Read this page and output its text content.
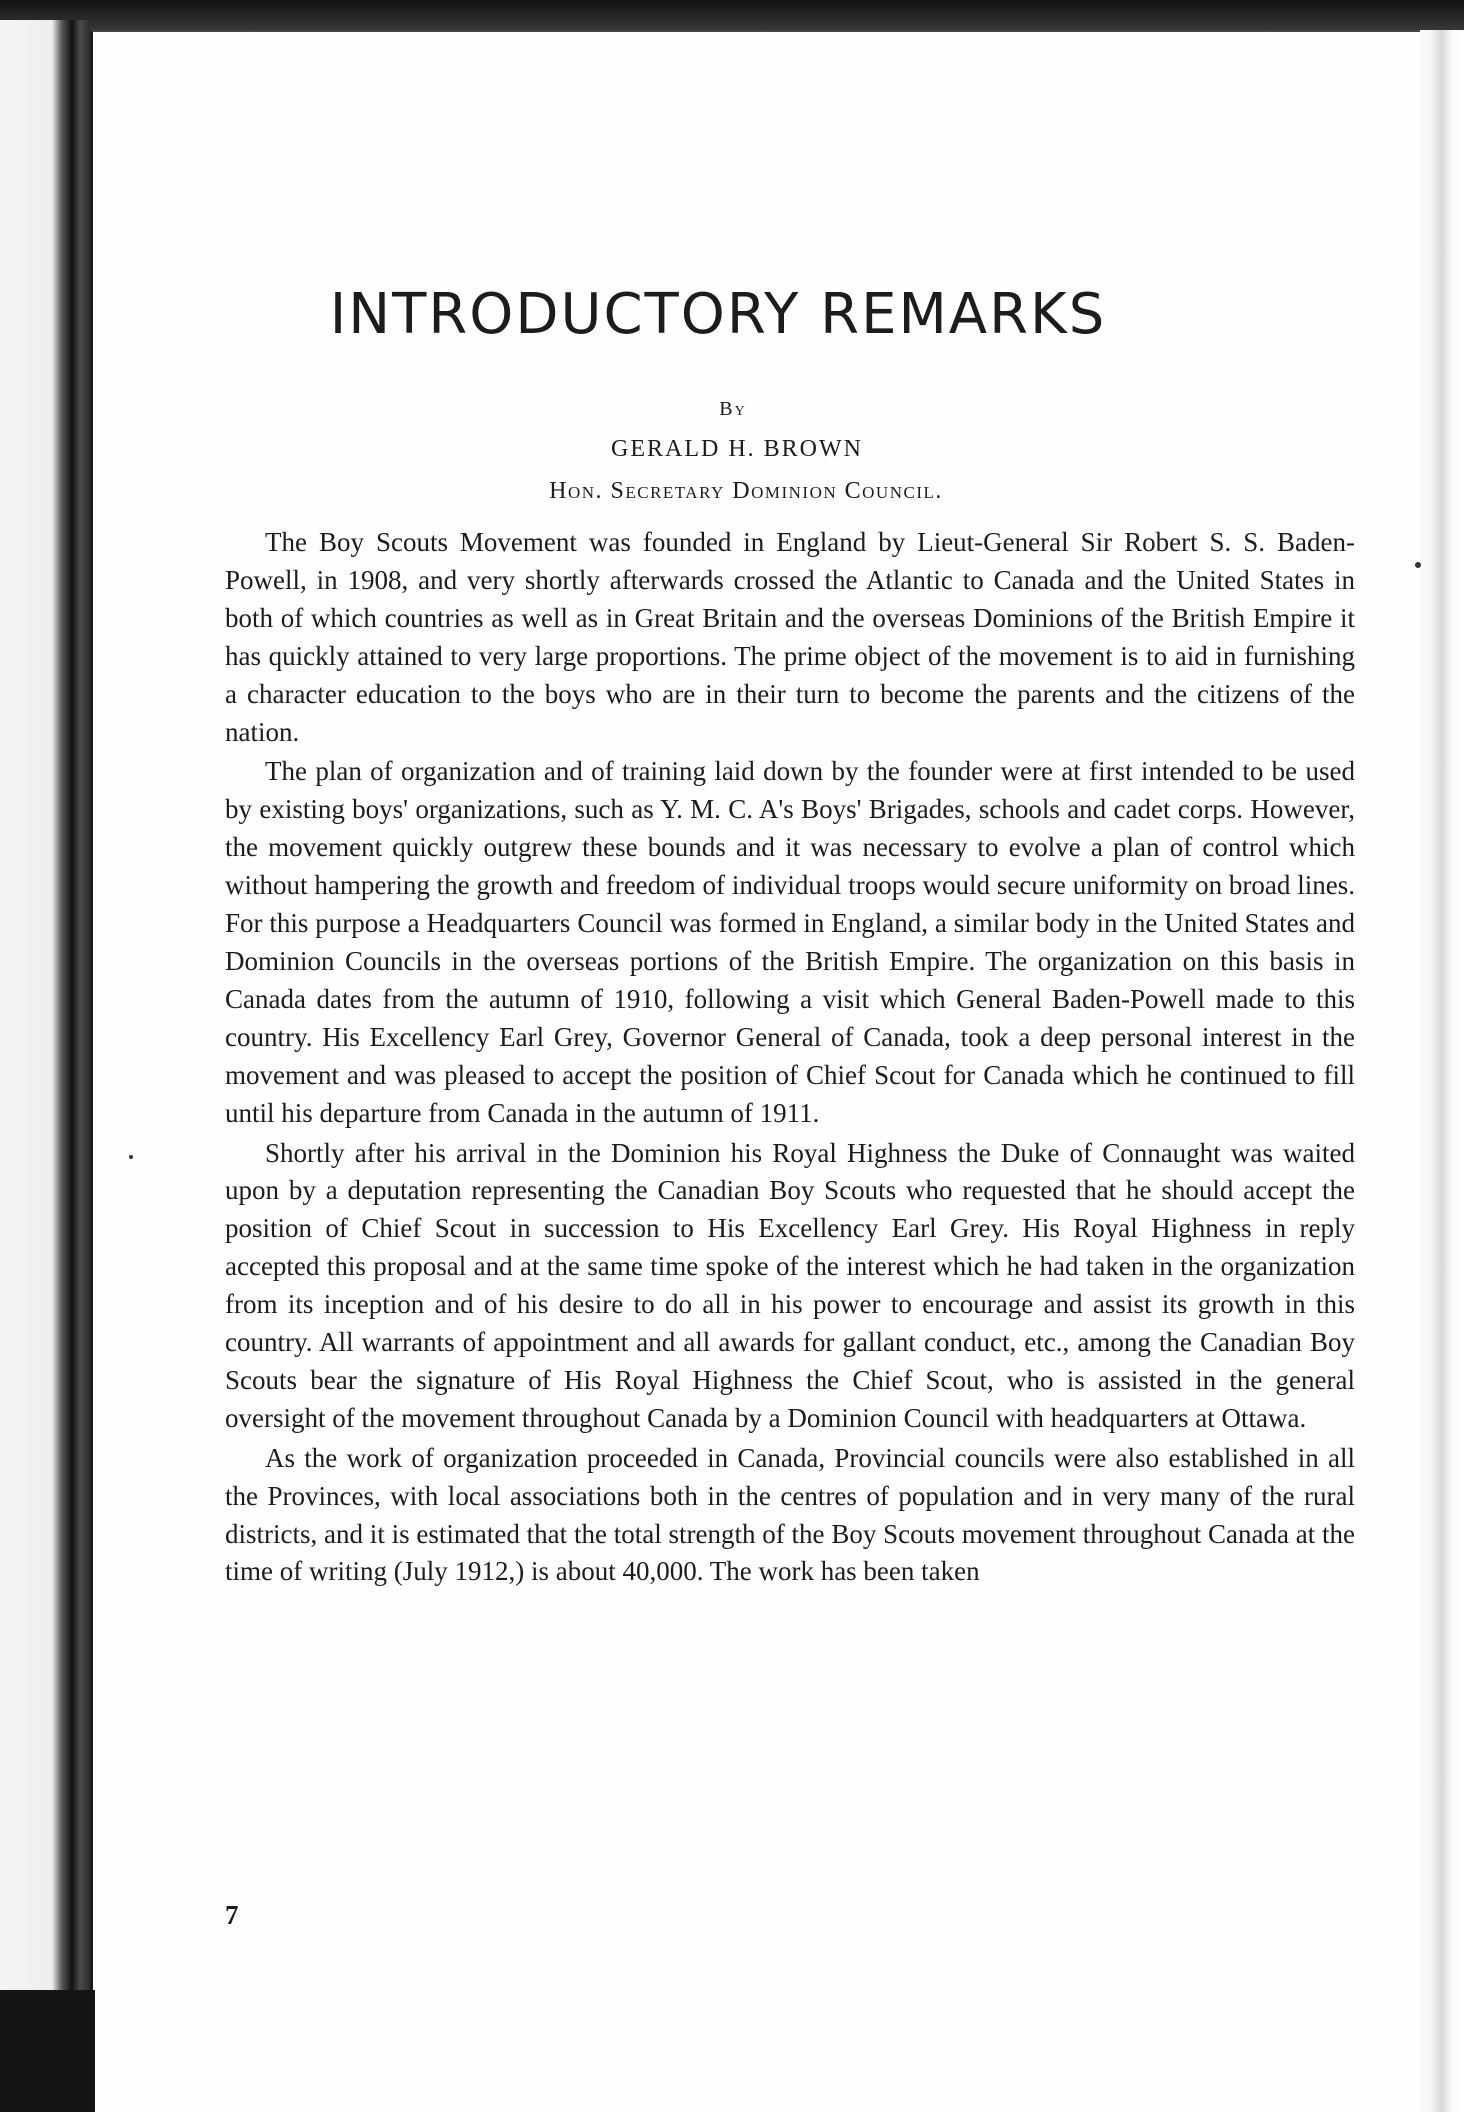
INTRODUCTORY REMARKS
By
GERALD H. BROWN
Hon. Secretary Dominion Council.

The Boy Scouts Movement was founded in England by Lieut-General Sir Robert S. S. Baden-Powell, in 1908, and very shortly afterwards crossed the Atlantic to Canada and the United States in both of which countries as well as in Great Britain and the overseas Dominions of the British Empire it has quickly attained to very large proportions. The prime object of the movement is to aid in furnishing a character education to the boys who are in their turn to become the parents and the citizens of the nation.

The plan of organization and of training laid down by the founder were at first intended to be used by existing boys' organizations, such as Y. M. C. A's Boys' Brigades, schools and cadet corps. However, the movement quickly outgrew these bounds and it was necessary to evolve a plan of control which without hampering the growth and freedom of individual troops would secure uniformity on broad lines. For this purpose a Headquarters Council was formed in England, a similar body in the United States and Dominion Councils in the overseas portions of the British Empire. The organization on this basis in Canada dates from the autumn of 1910, following a visit which General Baden-Powell made to this country. His Excellency Earl Grey, Governor General of Canada, took a deep personal interest in the movement and was pleased to accept the position of Chief Scout for Canada which he continued to fill until his departure from Canada in the autumn of 1911.

Shortly after his arrival in the Dominion his Royal Highness the Duke of Connaught was waited upon by a deputation representing the Canadian Boy Scouts who requested that he should accept the position of Chief Scout in succession to His Excellency Earl Grey. His Royal Highness in reply accepted this proposal and at the same time spoke of the interest which he had taken in the organization from its inception and of his desire to do all in his power to encourage and assist its growth in this country. All warrants of appointment and all awards for gallant conduct, etc., among the Canadian Boy Scouts bear the signature of His Royal Highness the Chief Scout, who is assisted in the general oversight of the movement throughout Canada by a Dominion Council with headquarters at Ottawa.

As the work of organization proceeded in Canada, Provincial councils were also established in all the Provinces, with local associations both in the centres of population and in very many of the rural districts, and it is estimated that the total strength of the Boy Scouts movement throughout Canada at the time of writing (July 1912,) is about 40,000. The work has been taken

7
